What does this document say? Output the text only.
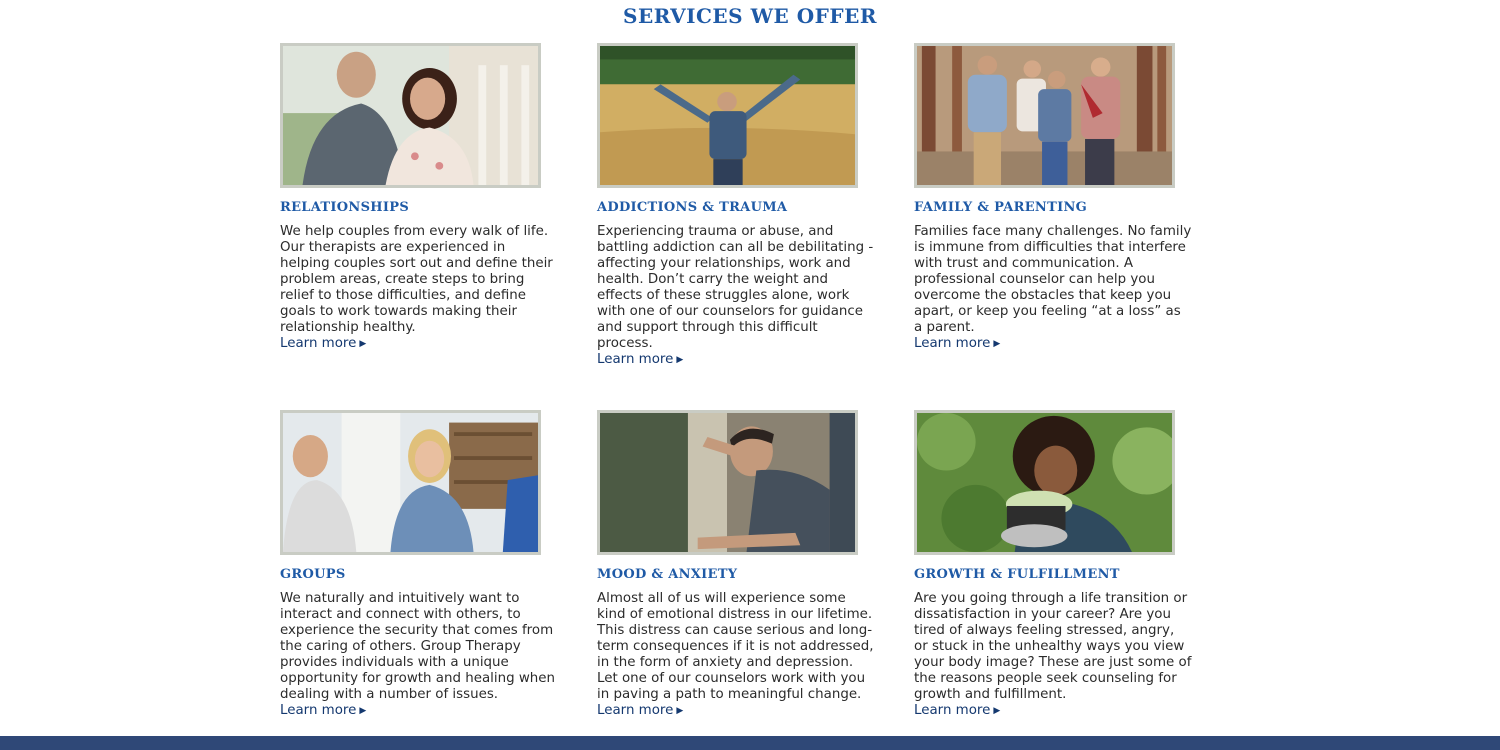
SERVICES WE OFFER
RELATIONSHIPS
We help couples from every walk of life. Our therapists are experienced in helping couples sort out and define their problem areas, create steps to bring relief to those difficulties, and define goals to work towards making their relationship healthy.
Learn more ▶
ADDICTIONS & TRAUMA
Experiencing trauma or abuse, and battling addiction can all be debilitating - affecting your relationships, work and health. Don’t carry the weight and effects of these struggles alone, work with one of our counselors for guidance and support through this difficult process.
Learn more ▶
FAMILY & PARENTING
Families face many challenges. No family is immune from difficulties that interfere with trust and communication. A professional counselor can help you overcome the obstacles that keep you apart, or keep you feeling “at a loss” as a parent.
Learn more ▶
GROUPS
We naturally and intuitively want to interact and connect with others, to experience the security that comes from the caring of others. Group Therapy provides individuals with a unique opportunity for growth and healing when dealing with a number of issues.
Learn more ▶
MOOD & ANXIETY
Almost all of us will experience some kind of emotional distress in our lifetime. This distress can cause serious and long-term consequences if it is not addressed, in the form of anxiety and depression. Let one of our counselors work with you in paving a path to meaningful change.
Learn more ▶
GROWTH & FULFILLMENT
Are you going through a life transition or dissatisfaction in your career? Are you tired of always feeling stressed, angry, or stuck in the unhealthy ways you view your body image? These are just some of the reasons people seek counseling for growth and fulfillment.
Learn more ▶
